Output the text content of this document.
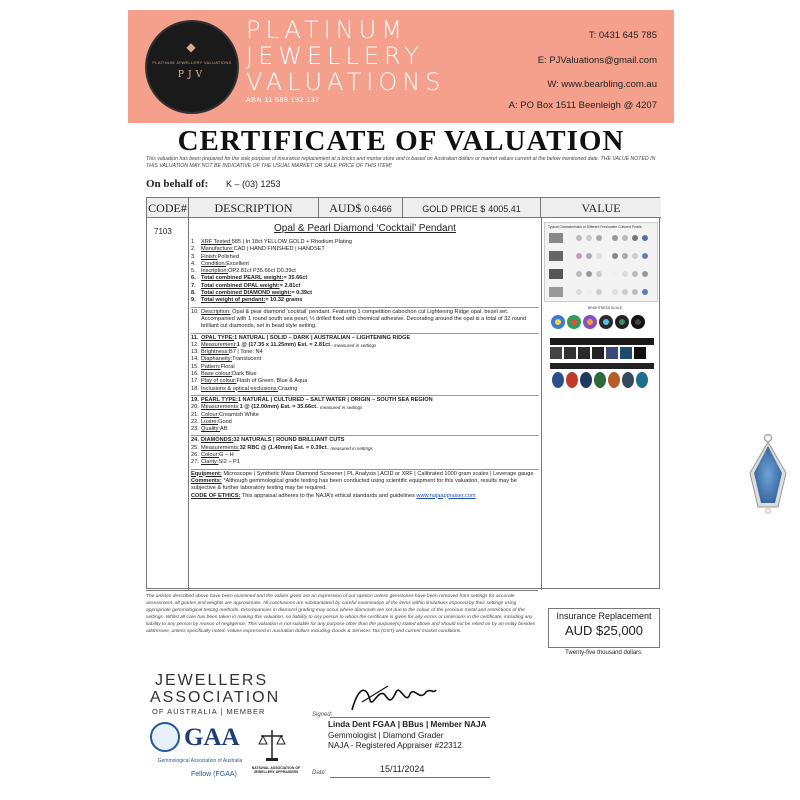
◆
PLATINUM JEWELLERY VALUATIONS
PJV
PLATINUM
JEWELLERY
VALUATIONS
ABN 11 589 192 137
T: 0431 645 785
E: PJValuations@gmail.com
W: www.bearbling.com.au
A: PO Box 1511 Beenleigh @ 4207
CERTIFICATE OF VALUATION
This valuation has been prepared for the sole purpose of insurance replacement at a bricks and mortar store and is based on Australian dollars or market values current at the below mentioned date. THE VALUE NOTED IN THIS VALUATION MAY NOT BE INDICATIVE OF THE USUAL MARKET OR SALE PRICE OF THIS ITEM*
On behalf of: K – (03) 1253
CODE#	DESCRIPTION	AUD$ 0.6466	GOLD PRICE $ 4005.41	VALUE
7103	Opal & Pearl Diamond ‘Cocktail’ Pendant
1. XRF Tested: 585 | In 18ct YELLOW GOLD + Rhodium Plating
2. Manufacture: CAD | HAND FINISHED | HANDSET
3. Finish: Polished
4. Condition: Excellent
5. Inscription: OP2.81ct P35.66ct D0.39ct
6. Total combined PEARL weight: = 35.66ct
7. Total combined OPAL weight: = 2.81ct
8. Total combined DIAMOND weight: = 0.39ct
9. Total weight of pendant: = 10.32 grams
10. Description: Opal & pear diamond ‘cocktail’ pendant. Featuring 1 competition cabochon cut Lightening Ridge opal, bezel set. Accompanied with 1 round south sea pearl, ½ drilled fixed with chemical adhesive. Decorating around the opal is a total of 32 round brilliant cut diamonds, set in bead style setting.
11. OPAL TYPE: 1 NATURAL | SOLID – DARK | AUSTRALIAN – LIGHTENING RIDGE
12. Measurement: 1 @ (17.35 x 11.25mm) Est. = 2.81ct – measured in settings
13. Brightness: B7 | Tone: N4
14. Diaphaneity: Translucent
15. Pattern: Floral
16. Base colour: Dark Blue
17. Play of colour: Flash of Green, Blue & Aqua
18. Inclusions & optical exclusions: Crazing
19. PEARL TYPE: 1 NATURAL | CULTURED – SALT WATER | ORIGIN – SOUTH SEA REGION
20. Measurements: 1 @ (12.00mm) Est. = 35.66ct – measured in settings
21. Colour: Creamish White
22. Lustre: Good
23. Quality: AB
24. DIAMONDS: 32 NATURALS | ROUND BRILLIANT CUTS
25. Measurements: 32 RBC @ (1.40mm) Est. = 0.39ct – measured in settings
26. Colour: G – H
27. Clarity: SI2 – P1
Equipment: Microscope | Synthetic Mass Diamond Screener | PL Analysis | ACID or XRF | Calibrated 1000 gram scales | Leverage gauge
Comments: *Although gemmological grade testing has been conducted using scientific equipment for this valuation, results may be subjective & further laboratory testing may be required.
CODE OF ETHICS: This appraisal adheres to the NAJA’s ethical standards and guidelines www.najaappraiser.com
Typical Characteristics of Different Freshwater Cultured Pearls
BRIGHTNESS SCALE
The articles described above have been examined and the values given are an expression of our opinion unless gemstones have been removed from settings for accurate assessment, all grades and weights are approximate. All conclusions are substantiated by careful examination of the items within limitations imposed by their settings using appropriate gemmological testing methods. Discrepancies in diamond grading may occur where diamonds are set due to the colour of the precious metal and restrictions of the settings. Whilst all care has been taken in making this valuation, no liability to any person to whom the certificate is given for any errors or omissions in the certificate, including any liability to any person by reason of negligence. This valuation is not suitable for any purpose other than the purpose(s) stated above and should not be relied on by an entity besides addressee, unless specifically noted. Values expressed in Australian dollars including Goods & Services Tax (GST) and current market conditions.
Insurance Replacement
AUD $25,000
Twenty-five thousand dollars.
JEWELLERS
ASSOCIATION
OF AUSTRALIA | MEMBER
GAA
Gemmological Association of Australia
Fellow (FGAA)
NATIONAL ASSOCIATION OF JEWELLERY APPRAISERS
Signed:
Linda Dent FGAA | BBus | Member NAJA
Gemmologist | Diamond Grader
NAJA - Registered Appraiser #22312
Date:	15/11/2024
